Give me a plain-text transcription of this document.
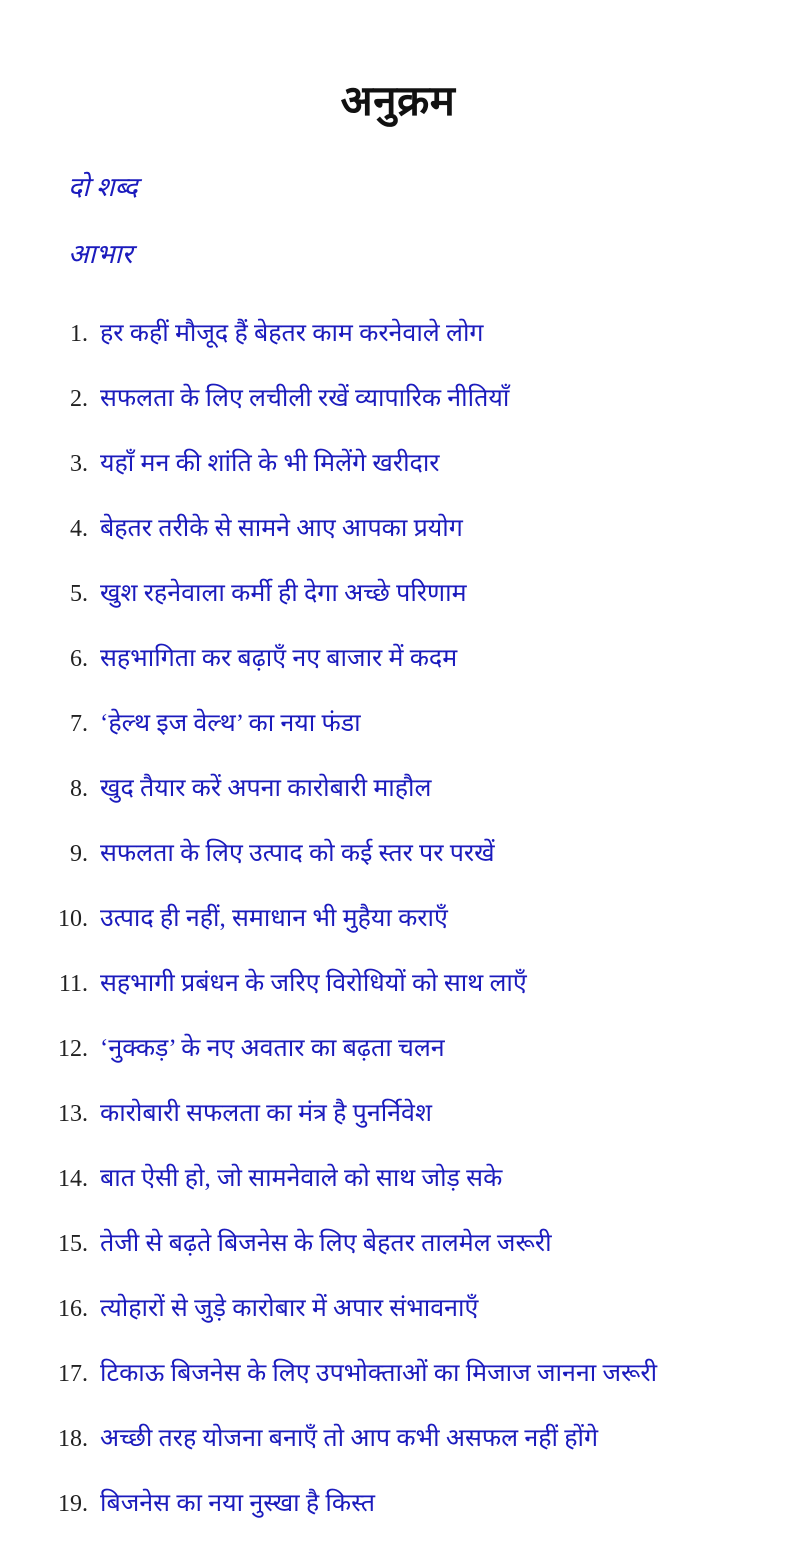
अनुक्रम
दो शब्द
आभार
1. हर कहीं मौजूद हैं बेहतर काम करनेवाले लोग
2. सफलता के लिए लचीली रखें व्यापारिक नीतियाँ
3. यहाँ मन की शांति के भी मिलेंगे खरीदार
4. बेहतर तरीके से सामने आए आपका प्रयोग
5. खुश रहनेवाला कर्मी ही देगा अच्छे परिणाम
6. सहभागिता कर बढ़ाएँ नए बाजार में कदम
7. ‘हेल्थ इज वेल्थ’ का नया फंडा
8. खुद तैयार करें अपना कारोबारी माहौल
9. सफलता के लिए उत्पाद को कई स्तर पर परखें
10. उत्पाद ही नहीं, समाधान भी मुहैया कराएँ
11. सहभागी प्रबंधन के जरिए विरोधियों को साथ लाएँ
12. ‘नुक्कड़’ के नए अवतार का बढ़ता चलन
13. कारोबारी सफलता का मंत्र है पुनर्निवेश
14. बात ऐसी हो, जो सामनेवाले को साथ जोड़ सके
15. तेजी से बढ़ते बिजनेस के लिए बेहतर तालमेल जरूरी
16. त्योहारों से जुड़े कारोबार में अपार संभावनाएँ
17. टिकाऊ बिजनेस के लिए उपभोक्ताओं का मिजाज जानना जरूरी
18. अच्छी तरह योजना बनाएँ तो आप कभी असफल नहीं होंगे
19. बिजनेस का नया नुस्खा है किस्त
